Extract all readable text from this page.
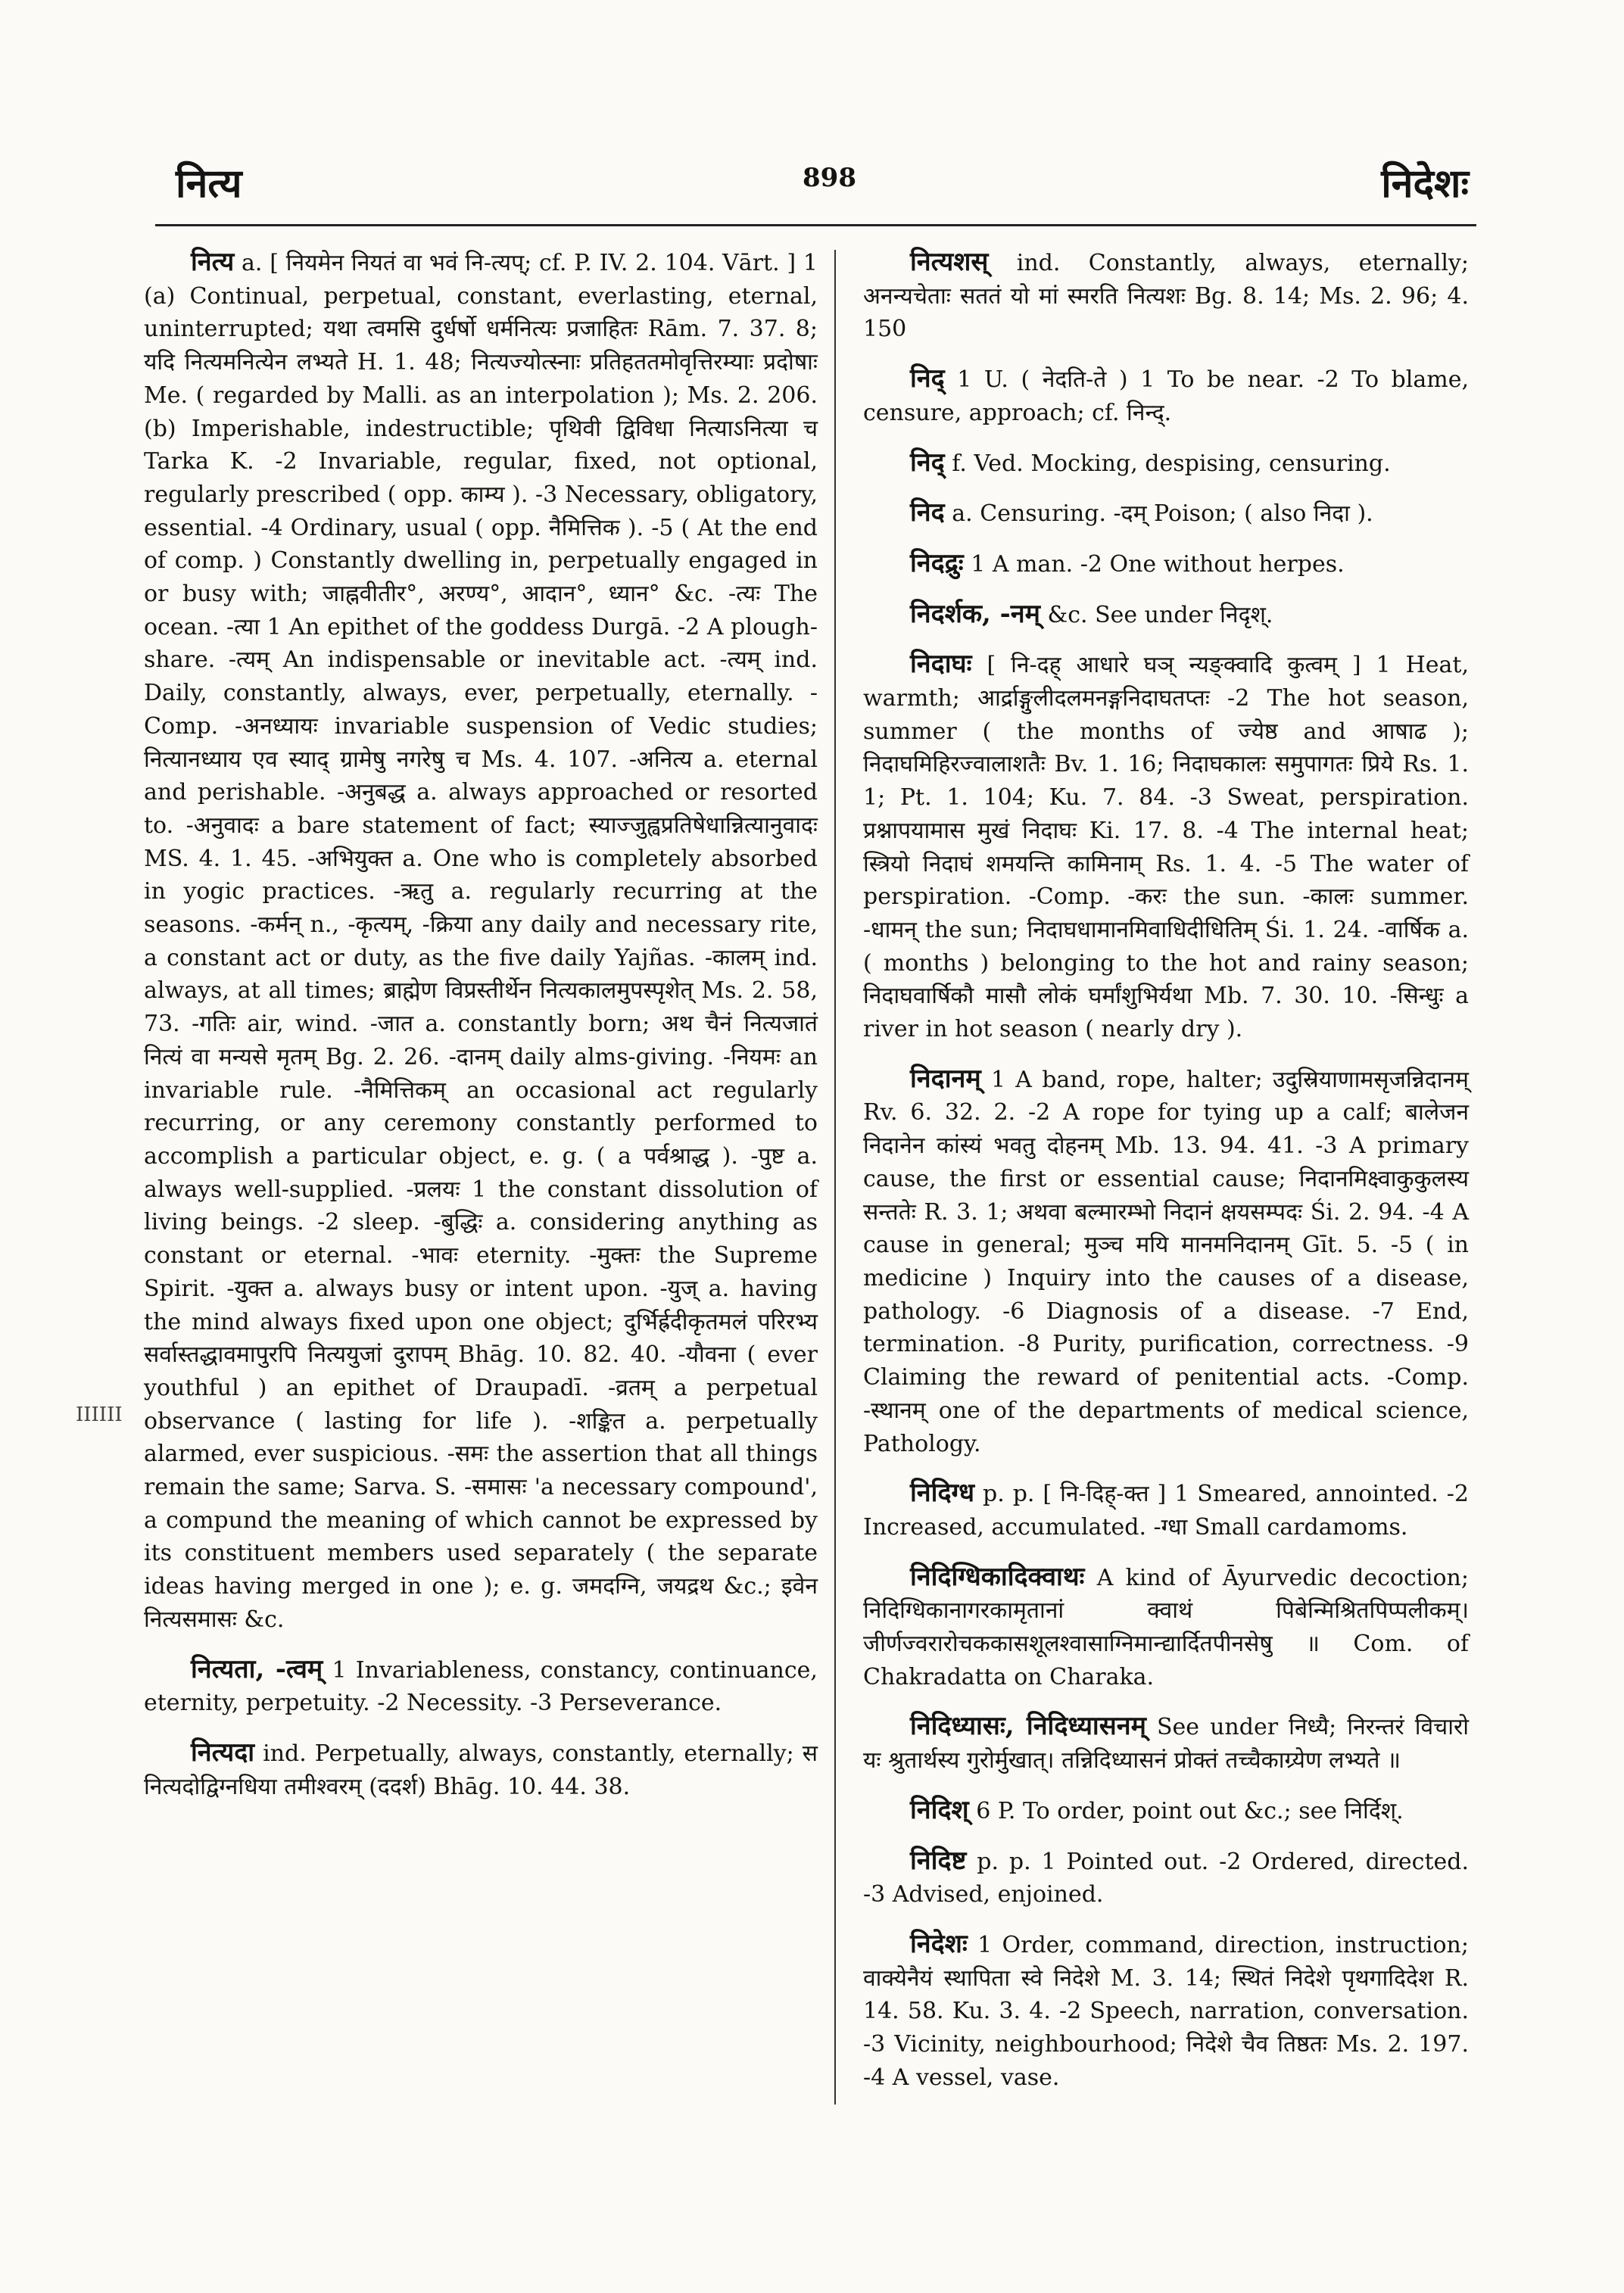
नित्य	898	निदेशः
ⅠⅠⅠⅠⅠⅠ

नित्य a. [ नियमेन नियतं वा भवं नि-त्यप्; cf. P. IV. 2. 104. Vārt. ] 1 (a) Continual, perpetual, constant, everlasting, eternal, uninterrupted; यथा त्वमसि दुर्धर्षो धर्मनित्यः प्रजाहितः Rām. 7. 37. 8; यदि नित्यमनित्येन लभ्यते H. 1. 48; नित्यज्योत्स्नाः प्रतिहततमोवृत्तिरम्याः प्रदोषाः Me. ( regarded by Malli. as an interpolation ); Ms. 2. 206. (b) Imperishable, indestructible; पृथिवी द्विविधा नित्याऽनित्या च Tarka K. -2 Invariable, regular, fixed, not optional, regularly prescribed ( opp. काम्य ). -3 Necessary, obligatory, essential. -4 Ordinary, usual ( opp. नैमित्तिक ). -5 ( At the end of comp. ) Constantly dwelling in, perpetually engaged in or busy with; जाह्नवीतीर°, अरण्य°, आदान°, ध्यान° &c. -त्यः The ocean. -त्या 1 An epithet of the goddess Durgā. -2 A plough-share. -त्यम् An indispensable or inevitable act. -त्यम् ind. Daily, constantly, always, ever, perpetually, eternally. -Comp. -अनध्यायः invariable suspension of Vedic studies; नित्यानध्याय एव स्याद् ग्रामेषु नगरेषु च Ms. 4. 107. -अनित्य a. eternal and perishable. -अनुबद्ध a. always approached or resorted to. -अनुवादः a bare statement of fact; स्याज्जुह्वप्रतिषेधान्नित्यानुवादः MS. 4. 1. 45. -अभियुक्त a. One who is completely absorbed in yogic practices. -ऋतु a. regularly recurring at the seasons. -कर्मन् n., -कृत्यम्, -क्रिया any daily and necessary rite, a constant act or duty, as the five daily Yajñas. -कालम् ind. always, at all times; ब्राह्मेण विप्रस्तीर्थेन नित्यकालमुपस्पृशेत् Ms. 2. 58, 73. -गतिः air, wind. -जात a. constantly born; अथ चैनं नित्यजातं नित्यं वा मन्यसे मृतम् Bg. 2. 26. -दानम् daily alms-giving. -नियमः an invariable rule. -नैमित्तिकम् an occasional act regularly recurring, or any ceremony constantly performed to accomplish a particular object, e. g. ( a पर्वश्राद्ध ). -पुष्ट a. always well-supplied. -प्रलयः 1 the constant dissolution of living beings. -2 sleep. -बुद्धिः a. considering anything as constant or eternal. -भावः eternity. -मुक्तः the Supreme Spirit. -युक्त a. always busy or intent upon. -युज् a. having the mind always fixed upon one object; दुर्भिर्ह्रदीकृतमलं परिरभ्य सर्वास्तद्धावमापुरपि नित्ययुजां दुरापम् Bhāg. 10. 82. 40. -यौवना ( ever youthful ) an epithet of Draupadī. -व्रतम् a perpetual observance ( lasting for life ). -शङ्कित a. perpetually alarmed, ever suspicious. -समः the assertion that all things remain the same; Sarva. S. -समासः 'a necessary compound', a compund the meaning of which cannot be expressed by its constituent members used separately ( the separate ideas having merged in one ); e. g. जमदग्नि, जयद्रथ &c.; इवेन नित्यसमासः &c.

नित्यता, -त्वम् 1 Invariableness, constancy, continuance, eternity, perpetuity. -2 Necessity. -3 Perseverance.

नित्यदा ind. Perpetually, always, constantly, eternally; स नित्यदोद्विग्नधिया तमीश्वरम् (ददर्श) Bhāg. 10. 44. 38.

नित्यशस् ind. Constantly, always, eternally; अनन्यचेताः सततं यो मां स्मरति नित्यशः Bg. 8. 14; Ms. 2. 96; 4. 150

निद् 1 U. ( नेदति-ते ) 1 To be near. -2 To blame, censure, approach; cf. निन्द्.

निद् f. Ved. Mocking, despising, censuring.

निद a. Censuring. -दम् Poison; ( also निदा ).

निदद्रुः 1 A man. -2 One without herpes.

निदर्शक, -नम् &c. See under निदृश्.

निदाघः [ नि-दह् आधारे घञ् न्यङ्क्वादि कुत्वम् ] 1 Heat, warmth; आर्द्राङ्गुलीदलमनङ्गनिदाघतप्तः -2 The hot season, summer ( the months of ज्येष्ठ and आषाढ ); निदाघमिहिरज्वालाशतैः Bv. 1. 16; निदाघकालः समुपागतः प्रिये Rs. 1. 1; Pt. 1. 104; Ku. 7. 84. -3 Sweat, perspiration. प्रश्नापयामास मुखं निदाघः Ki. 17. 8. -4 The internal heat; स्त्रियो निदाघं शमयन्ति कामिनाम् Rs. 1. 4. -5 The water of perspiration. -Comp. -करः the sun. -कालः summer. -धामन् the sun; निदाघधामानमिवाधिदीधितिम् Śi. 1. 24. -वार्षिक a. ( months ) belonging to the hot and rainy season; निदाघवार्षिकौ मासौ लोकं घर्मांशुभिर्यथा Mb. 7. 30. 10. -सिन्धुः a river in hot season ( nearly dry ).

निदानम् 1 A band, rope, halter; उदुस्रियाणामसृजन्निदानम् Rv. 6. 32. 2. -2 A rope for tying up a calf; बालेजन निदानेन कांस्यं भवतु दोहनम् Mb. 13. 94. 41. -3 A primary cause, the first or essential cause; निदानमिक्ष्वाकुकुलस्य सन्ततेः R. 3. 1; अथवा बल्मारम्भो निदानं क्षयसम्पदः Śi. 2. 94. -4 A cause in general; मुञ्च मयि मानमनिदानम् Gīt. 5. -5 ( in medicine ) Inquiry into the causes of a disease, pathology. -6 Diagnosis of a disease. -7 End, termination. -8 Purity, purification, correctness. -9 Claiming the reward of penitential acts. -Comp. -स्थानम् one of the departments of medical science, Pathology.

निदिग्ध p. p. [ नि-दिह्-क्त ] 1 Smeared, annointed. -2 Increased, accumulated. -ग्धा Small cardamoms.

निदिग्धिकादिक्वाथः A kind of Āyurvedic decoction; निदिग्धिकानागरकामृतानां क्वाथं पिबेन्मिश्रितपिप्पलीकम्। जीर्णज्वरारोचककासशूलश्वासाग्निमान्द्यार्दितपीनसेषु ॥ Com. of Chakradatta on Charaka.

निदिध्यासः, निदिध्यासनम् See under निध्यै; निरन्तरं विचारो यः श्रुतार्थस्य गुरोर्मुखात्। तन्निदिध्यासनं प्रोक्तं तच्चैकाग्र्येण लभ्यते ॥

निदिश् 6 P. To order, point out &c.; see निर्दिश्.

निदिष्ट p. p. 1 Pointed out. -2 Ordered, directed. -3 Advised, enjoined.

निदेशः 1 Order, command, direction, instruction; वाक्येनैयं स्थापिता स्वे निदेशे M. 3. 14; स्थितं निदेशे पृथगादिदेश R. 14. 58. Ku. 3. 4. -2 Speech, narration, conversation. -3 Vicinity, neighbourhood; निदेशे चैव तिष्ठतः Ms. 2. 197. -4 A vessel, vase.
